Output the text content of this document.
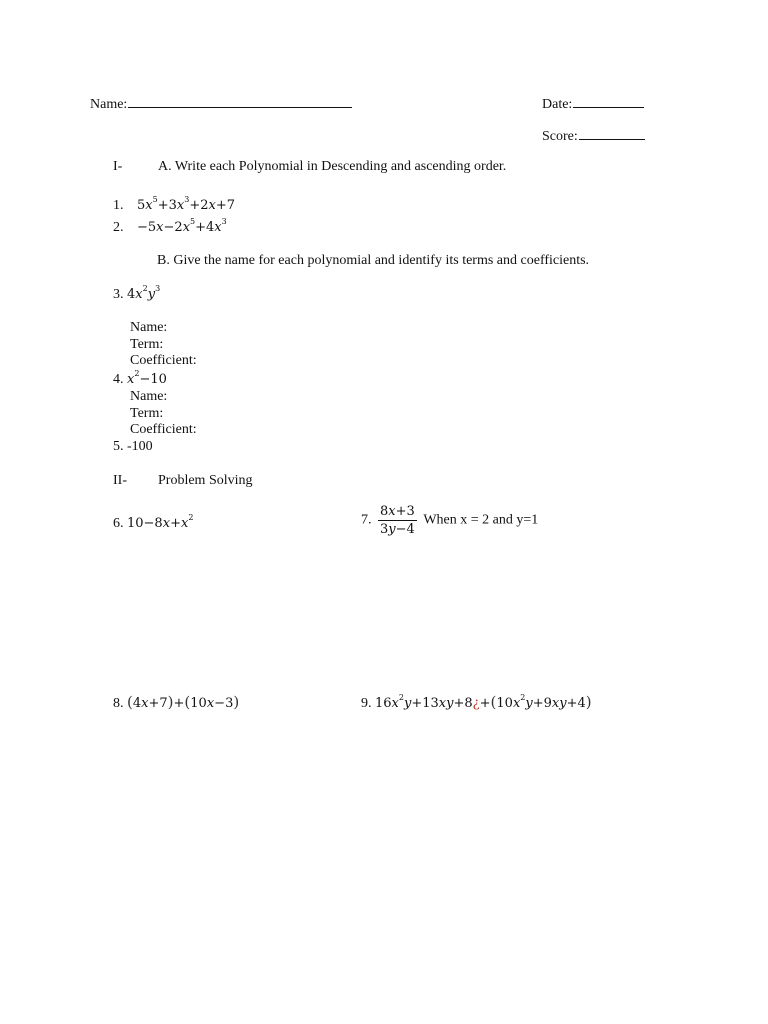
Name:	Date:
Score:
I-	A. Write each Polynomial in Descending and ascending order.
1. $5x^5+3x^3+2x+7$
2. $-5x-2x^5+4x^3$
B. Give the name for each polynomial and identify its terms and coefficients.
3. $4x^2y^3$
Name:
Term:
Coefficient:
4. $x^2-10$
Name:
Term:
Coefficient:
5. -100
II- Problem Solving
6. $10-8x+x^2$	7. $\frac{8x+3}{3y-4}$ When x = 2 and y=1
8. (4x+7)+(10x−3)	9. $16x^2y+13xy+8¿+(10x^2y+9xy+4)$
